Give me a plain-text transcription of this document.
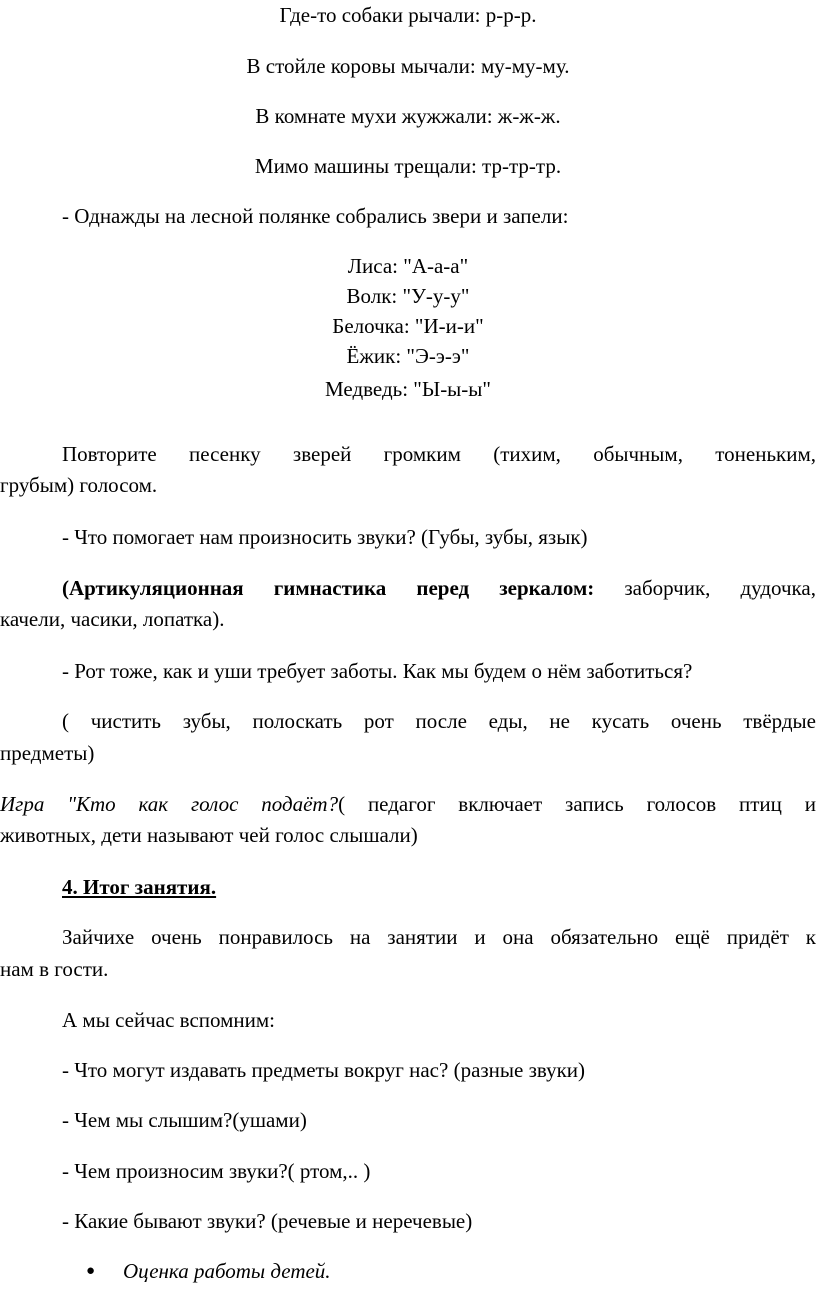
Где-то собаки рычали: р-р-р.
В стойле коровы мычали: му-му-му.
В комнате мухи жужжали: ж-ж-ж.
Мимо машины трещали: тр-тр-тр.
- Однажды на лесной полянке собрались звери и запели:
Лиса: "А-а-а"
Волк: "У-у-у"
Белочка: "И-и-и"
Ёжик: "Э-э-э"
Медведь: "Ы-ы-ы"
Повторите песенку зверей громким (тихим, обычным, тоненьким,
грубым) голосом.
- Что помогает нам произносить звуки? (Губы, зубы, язык)
(Артикуляционная гимнастика перед зеркалом: заборчик, дудочка,
качели, часики, лопатка).
- Рот тоже, как и уши требует заботы. Как мы будем о нём заботиться?
( чистить зубы, полоскать рот после еды, не кусать очень твёрдые
предметы)
Игра "Кто как голос подаёт?( педагог включает запись голосов птиц и
животных, дети называют чей голос слышали)
4. Итог занятия.
Зайчихе очень понравилось на занятии и она обязательно ещё придёт к
нам в гости.
А мы сейчас вспомним:
- Что могут издавать предметы вокруг нас? (разные звуки)
- Чем мы слышим?(ушами)
- Чем произносим звуки?( ртом,.. )
- Какие бывают звуки? (речевые и неречевые)
● Оценка работы детей.
